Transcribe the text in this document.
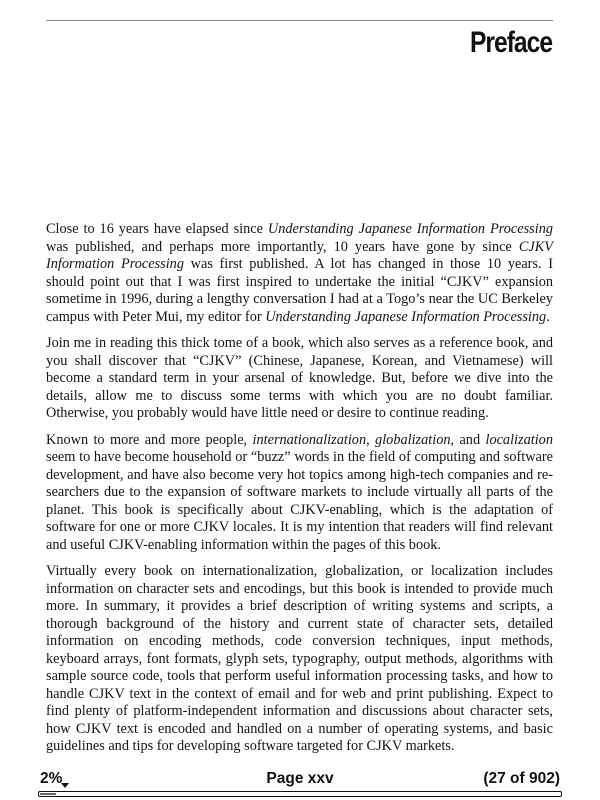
Preface

Close to 16 years have elapsed since Understanding Japanese Information Processing was published, and perhaps more importantly, 10 years have gone by since CJKV Information Processing was first published. A lot has changed in those 10 years. I should point out that I was first inspired to undertake the initial “CJKV” expansion sometime in 1996, during a lengthy conversation I had at a Togo’s near the UC Berkeley campus with Peter Mui, my editor for Understanding Japanese Information Processing.

Join me in reading this thick tome of a book, which also serves as a reference book, and you shall discover that “CJKV” (Chinese, Japanese, Korean, and Vietnamese) will become a standard term in your arsenal of knowledge. But, before we dive into the details, allow me to discuss some terms with which you are no doubt familiar. Otherwise, you probably would have little need or desire to continue reading.

Known to more and more people, internationalization, globalization, and localization seem to have become household or “buzz” words in the field of computing and software development, and have also become very hot topics among high-tech companies and researchers due to the expansion of software markets to include virtually all parts of the planet. This book is specifically about CJKV-enabling, which is the adaptation of software for one or more CJKV locales. It is my intention that readers will find relevant and useful CJKV-enabling information within the pages of this book.

Virtually every book on internationalization, globalization, or localization includes information on character sets and encodings, but this book is intended to provide much more. In summary, it provides a brief description of writing systems and scripts, a thorough background of the history and current state of character sets, detailed information on encoding methods, code conversion techniques, input methods, keyboard arrays, font formats, glyph sets, typography, output methods, algorithms with sample source code, tools that perform useful information processing tasks, and how to handle CJKV text in the context of email and for web and print publishing. Expect to find plenty of platform-independent information and discussions about character sets, how CJKV text is encoded and handled on a number of operating systems, and basic guidelines and tips for developing software targeted for CJKV markets.

2%	Page xxv	(27 of 902)
